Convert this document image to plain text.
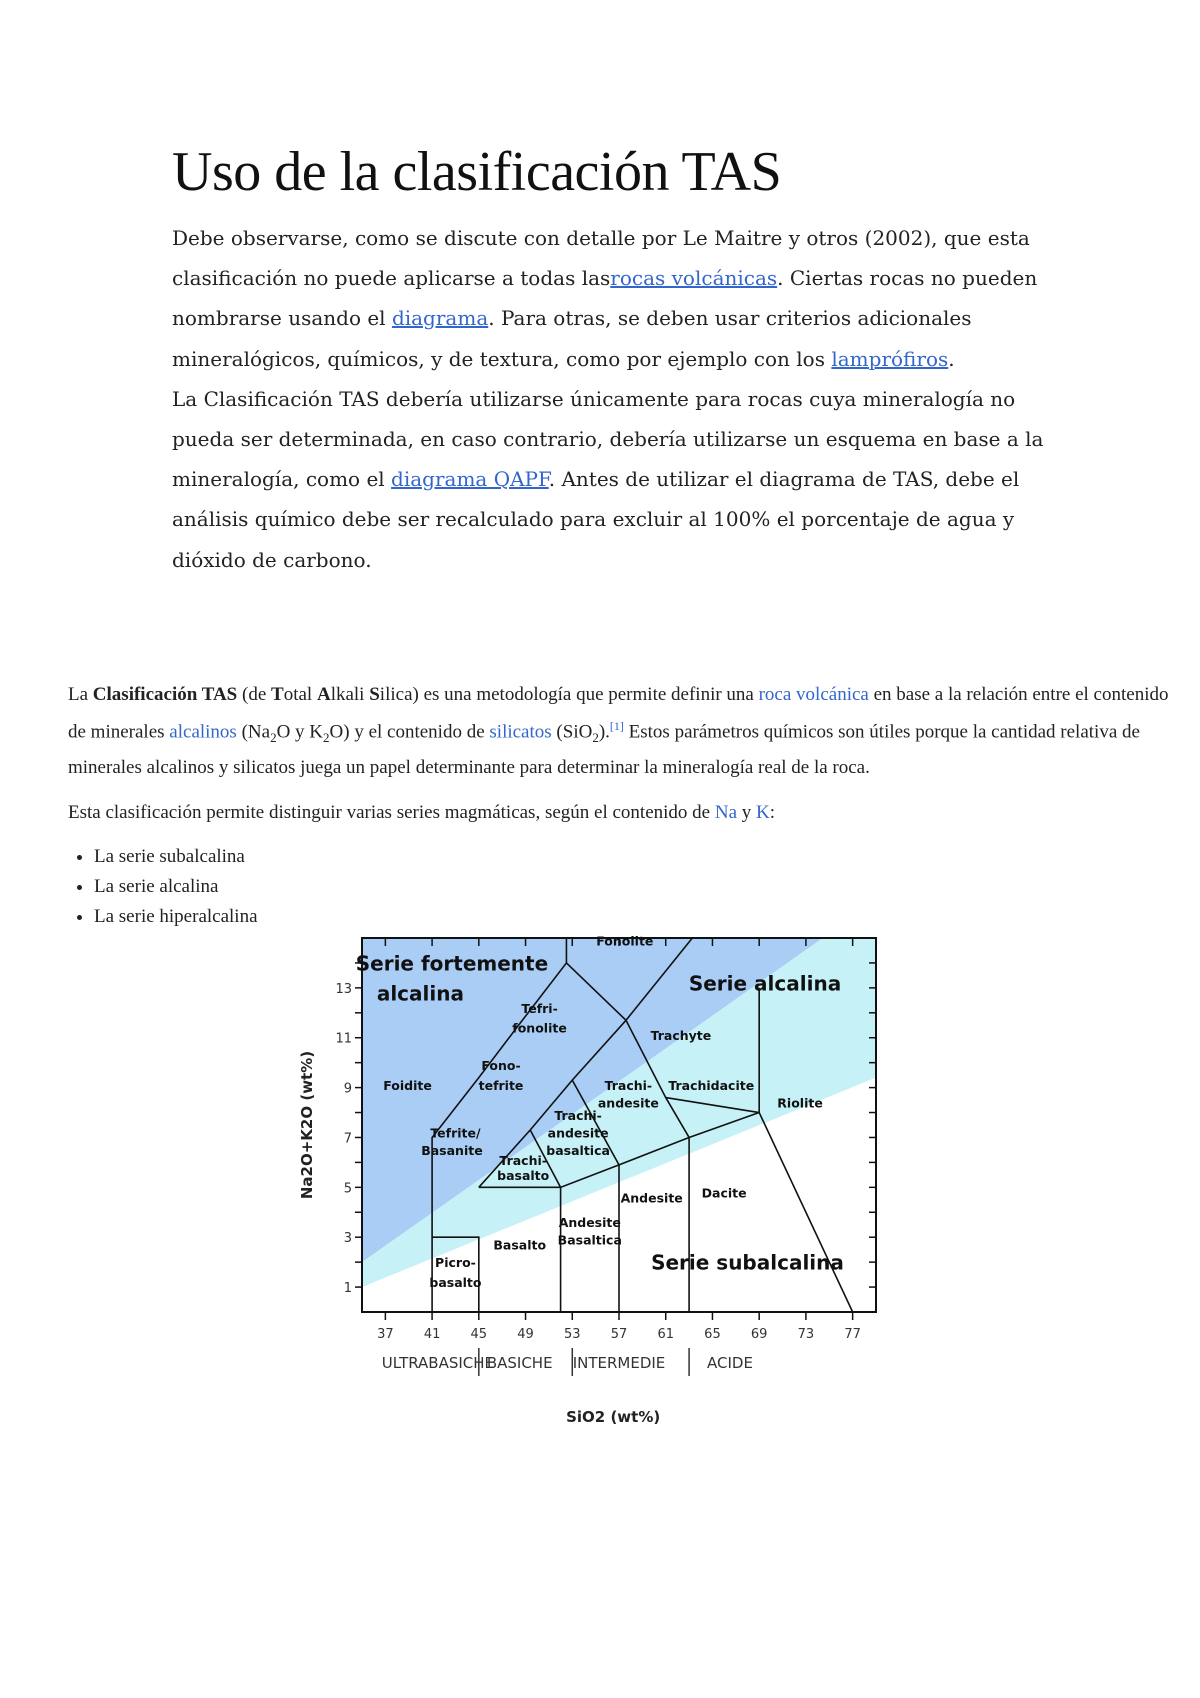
Uso de la clasificación TAS

Debe observarse, como se discute con detalle por Le Maitre y otros (2002), que esta clasificación no puede aplicarse a todas lasrocas volcánicas. Ciertas rocas no pueden nombrarse usando el diagrama. Para otras, se deben usar criterios adicionales mineralógicos, químicos, y de textura, como por ejemplo con los lamprófiros.

La Clasificación TAS debería utilizarse únicamente para rocas cuya mineralogía no pueda ser determinada, en caso contrario, debería utilizarse un esquema en base a la mineralogía, como el diagrama QAPF. Antes de utilizar el diagrama de TAS, debe el análisis químico debe ser recalculado para excluir al 100% el porcentaje de agua y dióxido de carbono.

La Clasificación TAS (de Total Alkali Silica) es una metodología que permite definir una roca volcánica en base a la relación entre el contenido de minerales alcalinos ($Na_2O$ y $K_2O$) y el contenido de silicatos (SiO$_2$).[1] Estos parámetros químicos son útiles porque la cantidad relativa de minerales alcalinos y silicatos juega un papel determinante para determinar la mineralogía real de la roca.

Esta clasificación permite distinguir varias series magmáticas, según el contenido de Na y K:

• La serie subalcalina
• La serie alcalina
• La serie hiperalcalina
Fonolite
Tefri-
fonolite	Trachyte
Foidite
Fono-
tefrite	Trachi-
andesite
Trachidacite
Riolite
Tefrite/
Basanite
Trachi-
andesite
basaltica
Trachi-
basalto
Andesite Dacite
Andesite
Basaltica
Basalto
Picro-
basalto
Serie fortemente
alcalina	Serie alcalina
Serie subalcalina
37 41 45 49 53 57 61 65 69 73 77
1
3
5
7
9
11
13
Na2O+K2O (wt%)
SiO2 (wt%)
ULTRABASICHE
BASICHE INTERMEDIE	ACIDE
